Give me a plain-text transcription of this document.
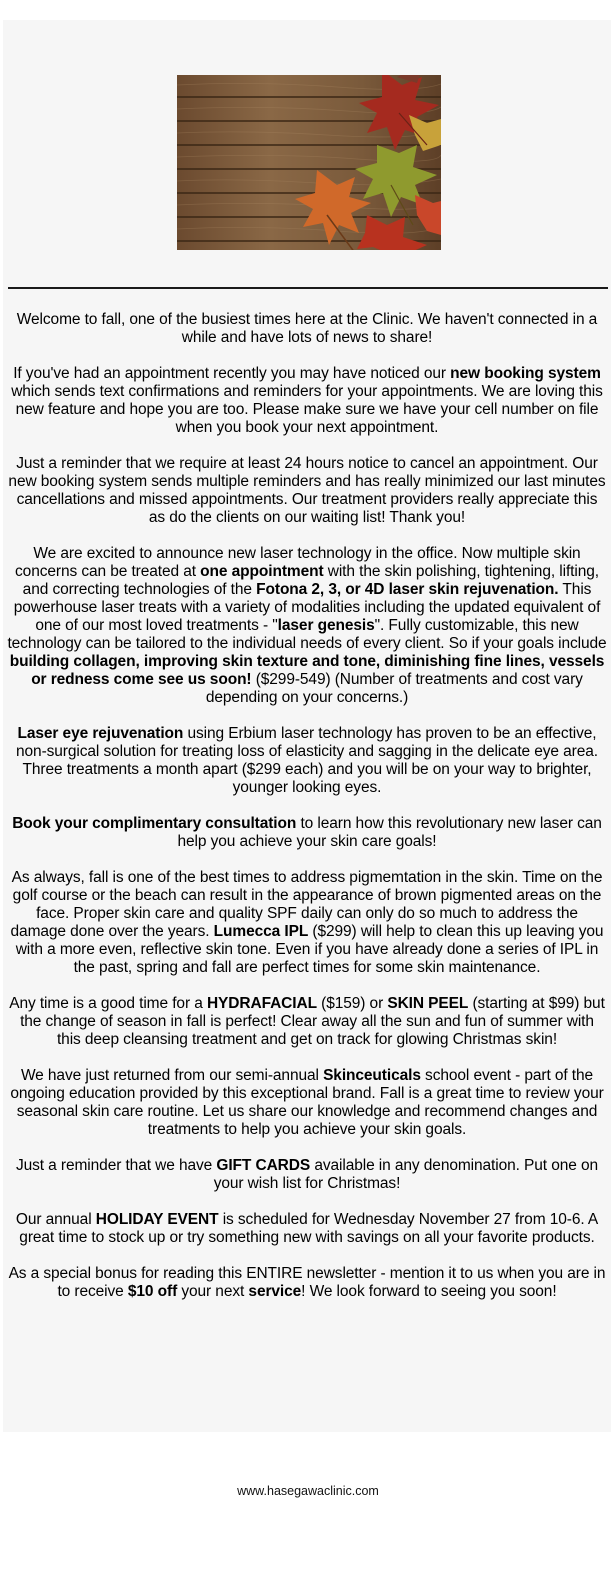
Welcome to fall, one of the busiest times here at the Clinic. We haven't connected in a while and have lots of news to share!

If you've had an appointment recently you may have noticed our new booking system which sends text confirmations and reminders for your appointments. We are loving this new feature and hope you are too. Please make sure we have your cell number on file when you book your next appointment.

Just a reminder that we require at least 24 hours notice to cancel an appointment. Our new booking system sends multiple reminders and has really minimized our last minutes cancellations and missed appointments. Our treatment providers really appreciate this as do the clients on our waiting list! Thank you!

We are excited to announce new laser technology in the office. Now multiple skin concerns can be treated at one appointment with the skin polishing, tightening, lifting, and correcting technologies of the Fotona 2, 3, or 4D laser skin rejuvenation. This powerhouse laser treats with a variety of modalities including the updated equivalent of one of our most loved treatments - "laser genesis". Fully customizable, this new technology can be tailored to the individual needs of every client. So if your goals include building collagen, improving skin texture and tone, diminishing fine lines, vessels or redness come see us soon! ($299-549) (Number of treatments and cost vary depending on your concerns.)

Laser eye rejuvenation using Erbium laser technology has proven to be an effective, non-surgical solution for treating loss of elasticity and sagging in the delicate eye area. Three treatments a month apart ($299 each) and you will be on your way to brighter, younger looking eyes.

Book your complimentary consultation to learn how this revolutionary new laser can help you achieve your skin care goals!

As always, fall is one of the best times to address pigmemtation in the skin. Time on the golf course or the beach can result in the appearance of brown pigmented areas on the face. Proper skin care and quality SPF daily can only do so much to address the damage done over the years. Lumecca IPL ($299) will help to clean this up leaving you with a more even, reflective skin tone. Even if you have already done a series of IPL in the past, spring and fall are perfect times for some skin maintenance.

Any time is a good time for a HYDRAFACIAL ($159) or SKIN PEEL (starting at $99) but the change of season in fall is perfect! Clear away all the sun and fun of summer with this deep cleansing treatment and get on track for glowing Christmas skin!

We have just returned from our semi-annual Skinceuticals school event - part of the ongoing education provided by this exceptional brand. Fall is a great time to review your seasonal skin care routine. Let us share our knowledge and recommend changes and treatments to help you achieve your skin goals.

Just a reminder that we have GIFT CARDS available in any denomination. Put one on your wish list for Christmas!

Our annual HOLIDAY EVENT is scheduled for Wednesday November 27 from 10-6. A great time to stock up or try something new with savings on all your favorite products.

As a special bonus for reading this ENTIRE newsletter - mention it to us when you are in to receive $10 off your next service! We look forward to seeing you soon!

www.hasegawaclinic.com
